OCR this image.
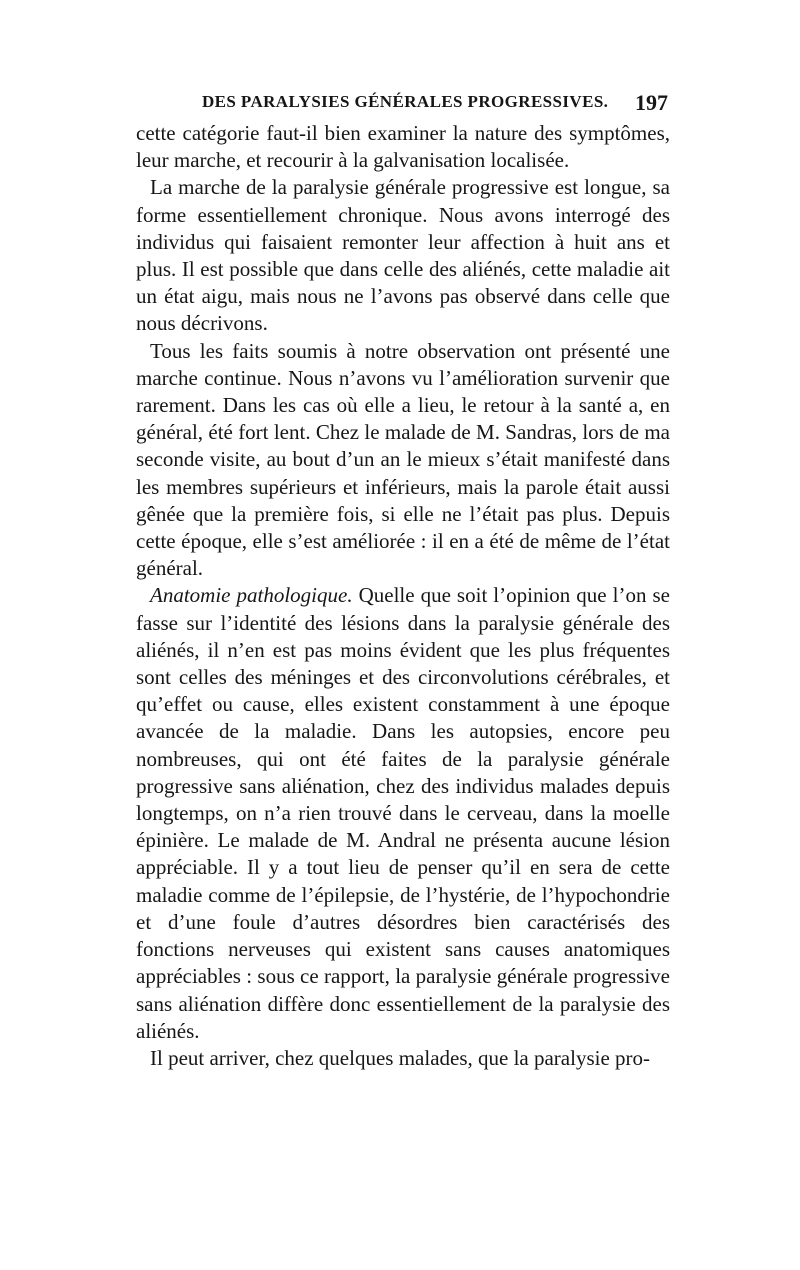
DES PARALYSIES GÉNÉRALES PROGRESSIVES. 197

cette catégorie faut-il bien examiner la nature des symptômes, leur marche, et recourir à la galvanisation localisée.

La marche de la paralysie générale progressive est longue, sa forme essentiellement chronique. Nous avons interrogé des individus qui faisaient remonter leur affection à huit ans et plus. Il est possible que dans celle des aliénés, cette maladie ait un état aigu, mais nous ne l’avons pas observé dans celle que nous décrivons.

Tous les faits soumis à notre observation ont présenté une marche continue. Nous n’avons vu l’amélioration survenir que rarement. Dans les cas où elle a lieu, le retour à la santé a, en général, été fort lent. Chez le malade de M. Sandras, lors de ma seconde visite, au bout d’un an le mieux s’était manifesté dans les membres supérieurs et inférieurs, mais la parole était aussi gênée que la première fois, si elle ne l’était pas plus. Depuis cette époque, elle s’est améliorée : il en a été de même de l’état général.

Anatomie pathologique. Quelle que soit l’opinion que l’on se fasse sur l’identité des lésions dans la paralysie générale des aliénés, il n’en est pas moins évident que les plus fréquentes sont celles des méninges et des circonvolutions cérébrales, et qu’effet ou cause, elles existent constamment à une époque avancée de la maladie. Dans les autopsies, encore peu nombreuses, qui ont été faites de la paralysie générale progressive sans aliénation, chez des individus malades depuis longtemps, on n’a rien trouvé dans le cerveau, dans la moelle épinière. Le malade de M. Andral ne présenta aucune lésion appréciable. Il y a tout lieu de penser qu’il en sera de cette maladie comme de l’épilepsie, de l’hystérie, de l’hypochondrie et d’une foule d’autres désordres bien caractérisés des fonctions nerveuses qui existent sans causes anatomiques appréciables : sous ce rapport, la paralysie générale progressive sans aliénation diffère donc essentiellement de la paralysie des aliénés.

Il peut arriver, chez quelques malades, que la paralysie pro-
